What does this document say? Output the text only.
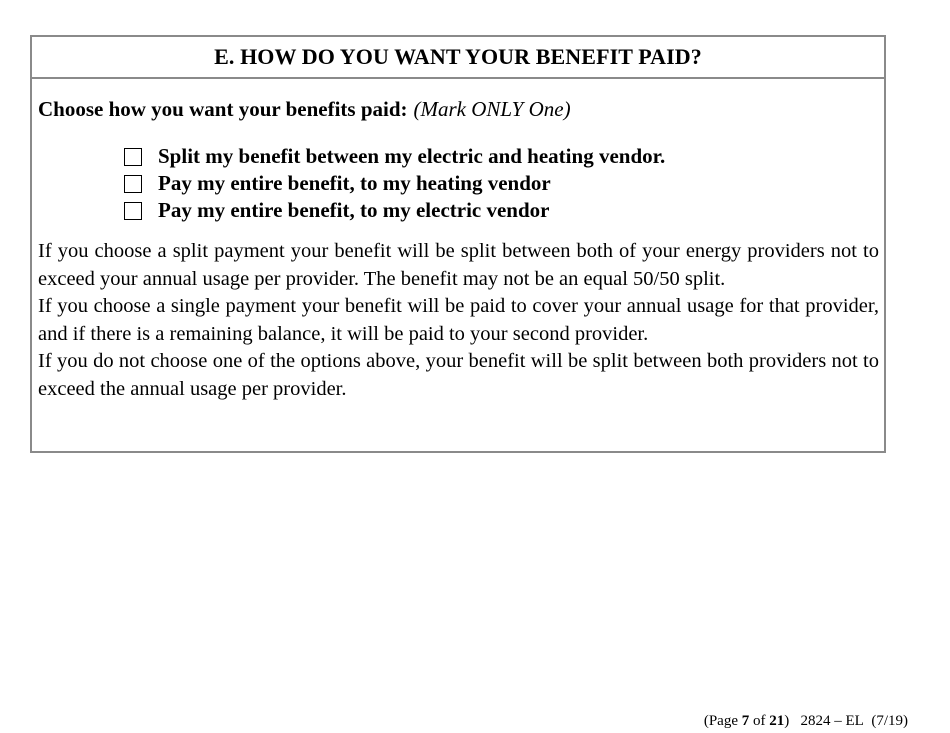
E. HOW DO YOU WANT YOUR BENEFIT PAID?
Choose how you want your benefits paid: (Mark ONLY One)
Split my benefit between my electric and heating vendor.
Pay my entire benefit, to my heating vendor
Pay my entire benefit, to my electric vendor

If you choose a split payment your benefit will be split between both of your energy providers not to exceed your annual usage per provider. The benefit may not be an equal 50/50 split.

If you choose a single payment your benefit will be paid to cover your annual usage for that provider, and if there is a remaining balance, it will be paid to your second provider.

If you do not choose one of the options above, your benefit will be split between both providers not to exceed the annual usage per provider.

(Page 7 of 21) 2824 – EL (7/19)
